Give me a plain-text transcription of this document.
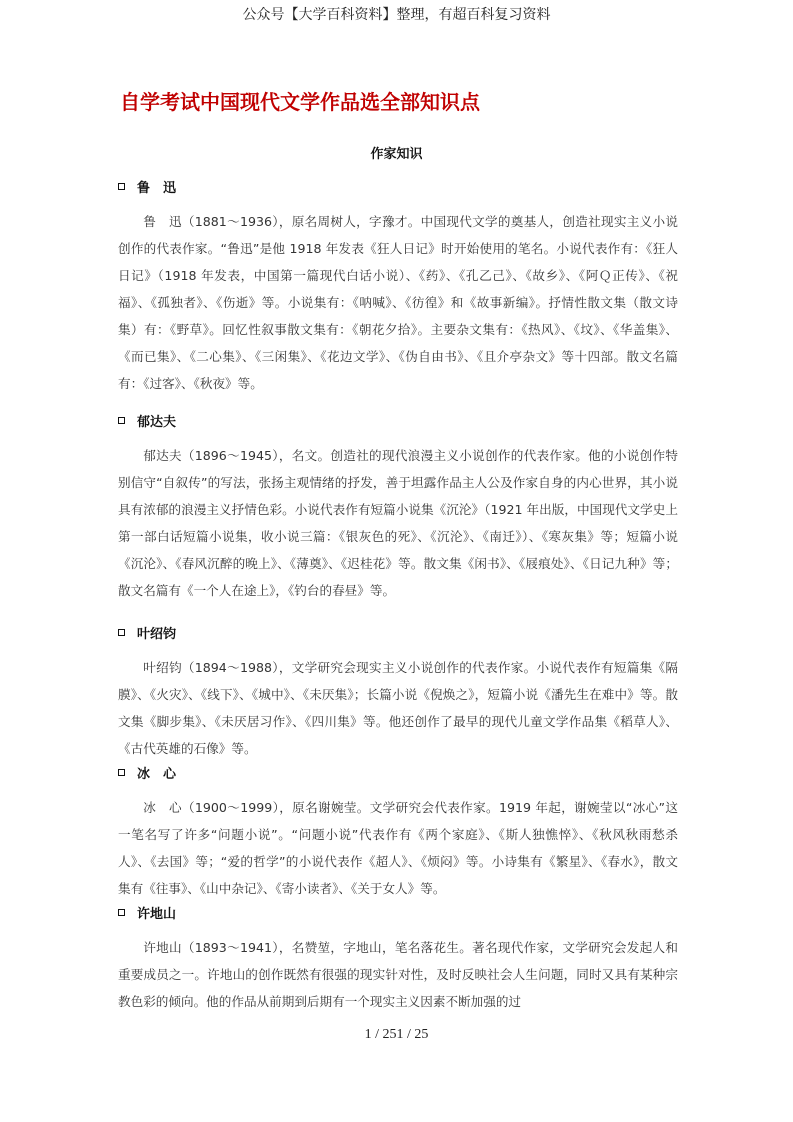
公众号【大学百科资料】整理，有超百科复习资料
自学考试中国现代文学作品选全部知识点
作家知识
鲁　迅
鲁　迅（1881～1936），原名周树人，字豫才。中国现代文学的奠基人，创造社现实主义小说创作的代表作家。“鲁迅”是他 1918 年发表《狂人日记》时开始使用的笔名。小说代表作有：《狂人日记》（1918 年发表，中国第一篇现代白话小说）、《药》、《孔乙己》、《故乡》、《阿Ｑ正传》、《祝福》、《孤独者》、《伤逝》等。小说集有：《呐喊》、《彷徨》和《故事新编》。抒情性散文集（散文诗集）有：《野草》。回忆性叙事散文集有：《朝花夕拾》。主要杂文集有：《热风》、《坟》、《华盖集》、《而已集》、《二心集》、《三闲集》、《花边文学》、《伪自由书》、《且介亭杂文》等十四部。散文名篇有：《过客》、《秋夜》等。
郁达夫
郁达夫（1896～1945），名文。创造社的现代浪漫主义小说创作的代表作家。他的小说创作特别信守“自叙传”的写法，张扬主观情绪的抒发，善于坦露作品主人公及作家自身的内心世界，其小说具有浓郁的浪漫主义抒情色彩。小说代表作有短篇小说集《沉沦》（1921 年出版，中国现代文学史上第一部白话短篇小说集，收小说三篇：《银灰色的死》、《沉沦》、《南迁》）、《寒灰集》等；短篇小说《沉沦》、《春风沉醉的晚上》、《薄奠》、《迟桂花》等。散文集《闲书》、《屐痕处》、《日记九种》等；散文名篇有《一个人在途上》，《钓台的春昼》等。
叶绍钧
叶绍钧（1894～1988），文学研究会现实主义小说创作的代表作家。小说代表作有短篇集《隔膜》、《火灾》、《线下》、《城中》、《未厌集》；长篇小说《倪焕之》，短篇小说《潘先生在难中》等。散文集《脚步集》、《未厌居习作》、《四川集》等。他还创作了最早的现代儿童文学作品集《稻草人》、《古代英雄的石像》等。
冰　心
冰　心（1900～1999），原名谢婉莹。文学研究会代表作家。1919 年起，谢婉莹以“冰心”这一笔名写了许多“问题小说”。“问题小说”代表作有《两个家庭》、《斯人独憔悴》、《秋风秋雨愁杀人》、《去国》等；“爱的哲学”的小说代表作《超人》、《烦闷》等。小诗集有《繁星》、《春水》，散文集有《往事》、《山中杂记》、《寄小读者》、《关于女人》等。
许地山
许地山（1893～1941），名赞堃，字地山，笔名落花生。著名现代作家，文学研究会发起人和重要成员之一。许地山的创作既然有很强的现实针对性，及时反映社会人生问题，同时又具有某种宗教色彩的倾向。他的作品从前期到后期有一个现实主义因素不断加强的过
1 / 251 / 25
